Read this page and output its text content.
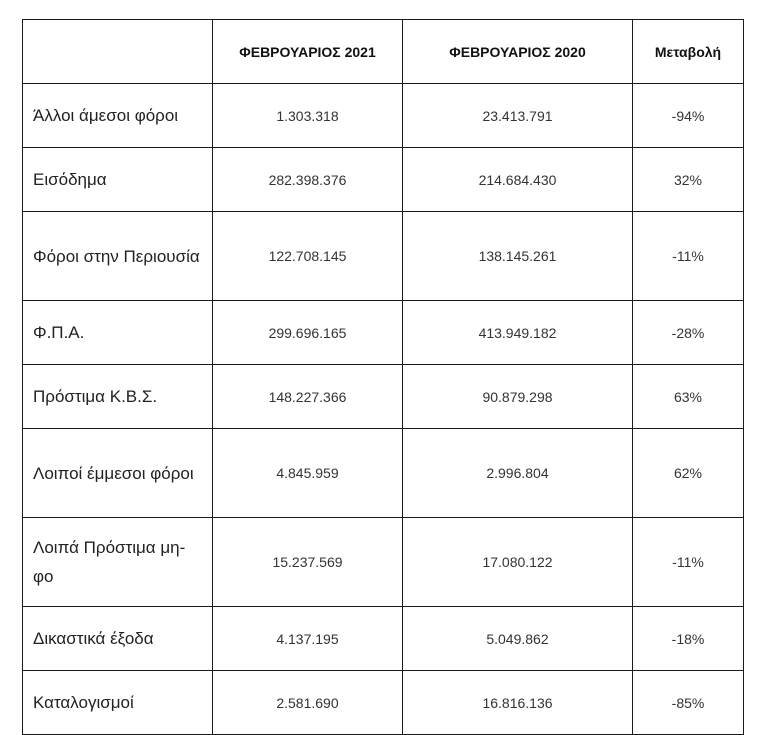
	ΦΕΒΡΟΥΑΡΙΟΣ 2021	ΦΕΒΡΟΥΑΡΙΟΣ 2020	Μεταβολή
Άλλοι άμεσοι φόροι	1.303.318	23.413.791	-94%
Εισόδημα	282.398.376	214.684.430	32%
Φόροι στην Περιουσία	122.708.145	138.145.261	-11%
Φ.Π.Α.	299.696.165	413.949.182	-28%
Πρόστιμα Κ.Β.Σ.	148.227.366	90.879.298	63%
Λοιποί έμμεσοι φόροι	4.845.959	2.996.804	62%
Λοιπά Πρόστιμα μη-φο	15.237.569	17.080.122	-11%
Δικαστικά έξοδα	4.137.195	5.049.862	-18%
Καταλογισμοί	2.581.690	16.816.136	-85%
